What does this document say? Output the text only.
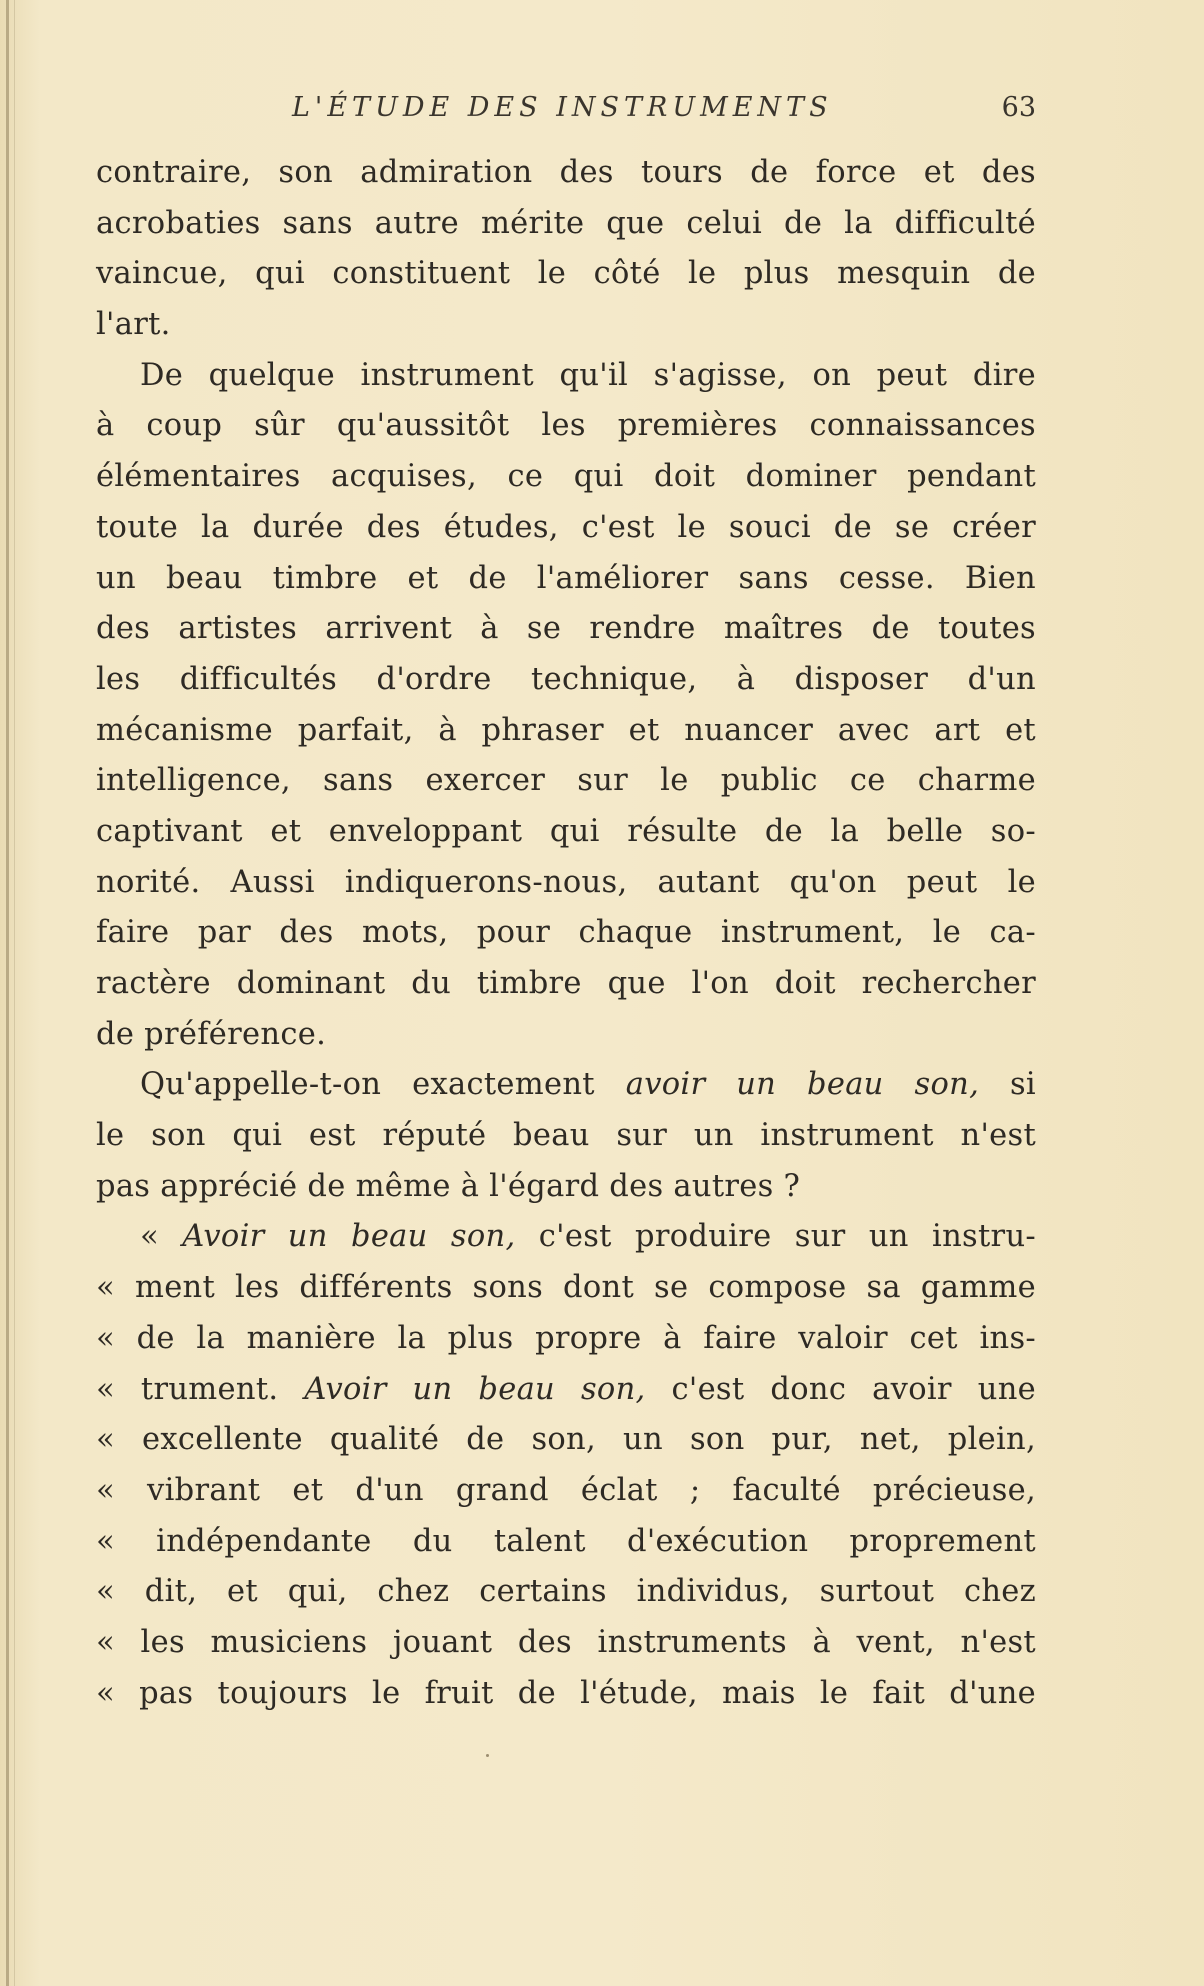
L'ÉTUDE DES INSTRUMENTS	63
contraire, son admiration des tours de force et des
acrobaties sans autre mérite que celui de la difficulté
vaincue, qui constituent le côté le plus mesquin de
l'art.
De quelque instrument qu'il s'agisse, on peut dire
à coup sûr qu'aussitôt les premières connaissances
élémentaires acquises, ce qui doit dominer pendant
toute la durée des études, c'est le souci de se créer
un beau timbre et de l'améliorer sans cesse. Bien
des artistes arrivent à se rendre maîtres de toutes
les difficultés d'ordre technique, à disposer d'un
mécanisme parfait, à phraser et nuancer avec art et
intelligence, sans exercer sur le public ce charme
captivant et enveloppant qui résulte de la belle so-
norité. Aussi indiquerons-nous, autant qu'on peut le
faire par des mots, pour chaque instrument, le ca-
ractère dominant du timbre que l'on doit rechercher
de préférence.
Qu'appelle-t-on exactement avoir un beau son, si
le son qui est réputé beau sur un instrument n'est
pas apprécié de même à l'égard des autres ?
« Avoir un beau son, c'est produire sur un instru-
« ment les différents sons dont se compose sa gamme
« de la manière la plus propre à faire valoir cet ins-
« trument. Avoir un beau son, c'est donc avoir une
« excellente qualité de son, un son pur, net, plein,
« vibrant et d'un grand éclat ; faculté précieuse,
« indépendante du talent d'exécution proprement
« dit, et qui, chez certains individus, surtout chez
« les musiciens jouant des instruments à vent, n'est
« pas toujours le fruit de l'étude, mais le fait d'une
